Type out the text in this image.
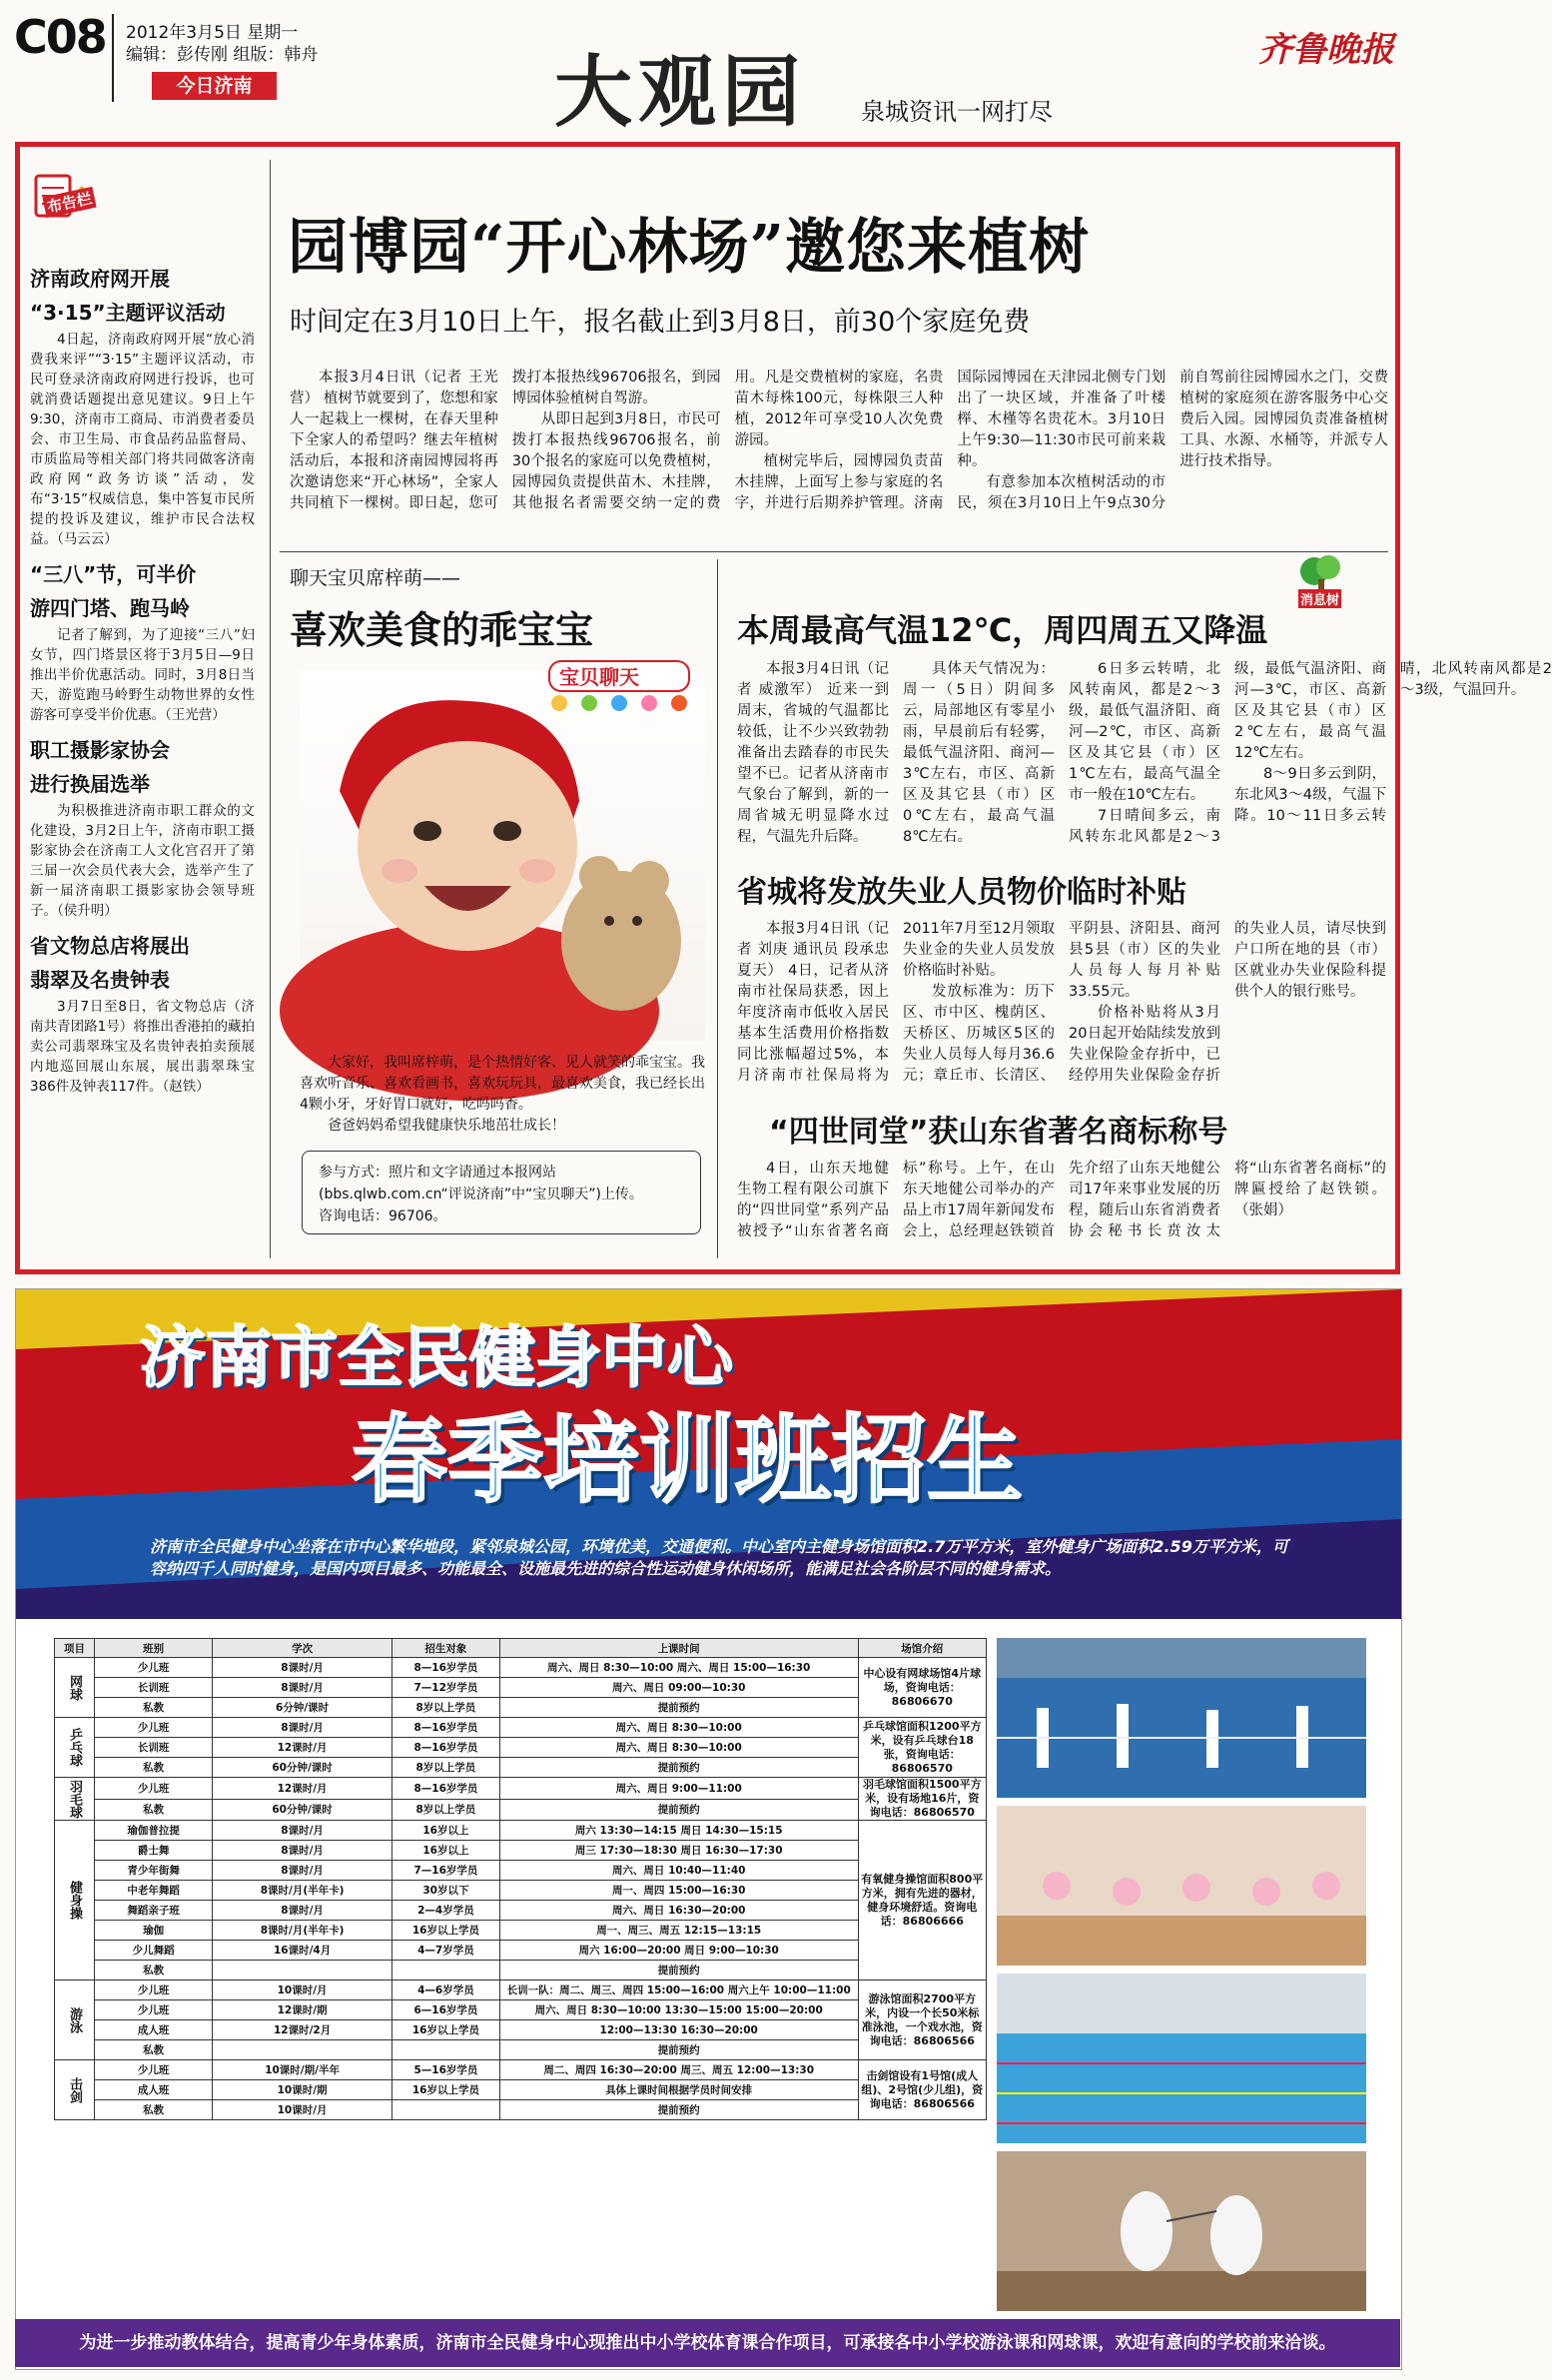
C08 2012年3月5日 星期一
编辑：彭传刚 组版：韩舟
今日济南	大观园 泉城资讯一网打尽
齐鲁晚报
布告栏
济南政府网开展
“3·15”主题评议活动

4日起，济南政府网开展“放心消费我来评”“3·15”主题评议活动，市民可登录济南政府网进行投诉，也可就消费话题提出意见建议。9日上午9:30，济南市工商局、市消费者委员会、市卫生局、市食品药品监督局、市质监局等相关部门将共同做客济南政府网“政务访谈”活动，发布“3·15”权威信息，集中答复市民所提的投诉及建议，维护市民合法权益。（马云云）

“三八”节，可半价
游四门塔、跑马岭

记者了解到，为了迎接“三八”妇女节，四门塔景区将于3月5日—9日推出半价优惠活动。同时，3月8日当天，游览跑马岭野生动物世界的女性游客可享受半价优惠。（王光营）

职工摄影家协会
进行换届选举

为积极推进济南市职工群众的文化建设，3月2日上午，济南市职工摄影家协会在济南工人文化宫召开了第三届一次会员代表大会，选举产生了新一届济南职工摄影家协会领导班子。（侯升明）

省文物总店将展出
翡翠及名贵钟表

3月7日至8日，省文物总店（济南共青团路1号）将推出香港拍的藏拍卖公司翡翠珠宝及名贵钟表拍卖预展内地巡回展山东展，展出翡翠珠宝386件及钟表117件。（赵铁）

园博园“开心林场”邀您来植树
时间定在3月10日上午，报名截止到3月8日，前30个家庭免费

本报3月4日讯（记者 王光营） 植树节就要到了，您想和家人一起栽上一棵树，在春天里种下全家人的希望吗？继去年植树活动后，本报和济南园博园将再次邀请您来“开心林场”，全家人共同植下一棵树。即日起，您可拨打本报热线96706报名，到园博园体验植树自驾游。

从即日起到3月8日，市民可拨打本报热线96706报名，前30个报名的家庭可以免费植树，园博园负责提供苗木、木挂牌，其他报名者需要交纳一定的费用。凡是交费植树的家庭，名贵苗木每株100元，每株限三人种植，2012年可享受10人次免费游园。

植树完毕后，园博园负责苗木挂牌，上面写上参与家庭的名字，并进行后期养护管理。济南国际园博园在天津园北侧专门划出了一块区域，并准备了叶楼榉、木槿等名贵花木。3月10日上午9:30—11:30市民可前来栽种。

有意参加本次植树活动的市民，须在3月10日上午9点30分前自驾前往园博园水之门，交费植树的家庭须在游客服务中心交费后入园。园博园负责准备植树工具、水源、水桶等，并派专人进行技术指导。

聊天宝贝席梓萌——
喜欢美食的乖宝宝
宝贝聊天

大家好，我叫席梓萌，是个热情好客、见人就笑的乖宝宝。我喜欢听音乐、喜欢看画书，喜欢玩玩具，最喜欢美食，我已经长出4颗小牙，牙好胃口就好，吃吗吗香。

爸爸妈妈希望我健康快乐地茁壮成长！

参与方式：照片和文字请通过本报网站
(bbs.qlwb.com.cn“评说济南”中“宝贝聊天”)上传。
咨询电话：96706。
消息树
本周最高气温12℃，周四周五又降温

本报3月4日讯（记者 威激军） 近来一到周末，省城的气温都比较低，让不少兴致勃勃准备出去踏春的市民失望不已。记者从济南市气象台了解到，新的一周省城无明显降水过程，气温先升后降。

具体天气情况为：周一（5日）阴间多云，局部地区有零星小雨，早晨前后有轻雾，最低气温济阳、商河—3℃左右，市区、高新区及其它县（市）区0℃左右，最高气温8℃左右。

6日多云转晴，北风转南风，都是2～3级，最低气温济阳、商河—2℃，市区、高新区及其它县（市）区1℃左右，最高气温全市一般在10℃左右。

7日晴间多云，南风转东北风都是2～3级，最低气温济阳、商河—3℃，市区、高新区及其它县（市）区2℃左右，最高气温12℃左右。

8～9日多云到阴，东北风3～4级，气温下降。10～11日多云转晴，北风转南风都是2～3级，气温回升。

省城将发放失业人员物价临时补贴

本报3月4日讯（记者 刘庚 通讯员 段承忠 夏天） 4日，记者从济南市社保局获悉，因上年度济南市低收入居民基本生活费用价格指数同比涨幅超过5%，本月济南市社保局将为2011年7月至12月领取失业金的失业人员发放价格临时补贴。

发放标准为：历下区、市中区、槐荫区、天桥区、历城区5区的失业人员每人每月36.6元；章丘市、长清区、平阴县、济阳县、商河县5县（市）区的失业人员每人每月补贴33.55元。

价格补贴将从3月20日起开始陆续发放到失业保险金存折中，已经停用失业保险金存折的失业人员，请尽快到户口所在地的县（市）区就业办失业保险科提供个人的银行账号。

“四世同堂”获山东省著名商标称号

4日，山东天地健生物工程有限公司旗下的“四世同堂”系列产品被授予“山东省著名商标”称号。上午，在山东天地健公司举办的产品上市17周年新闻发布会上，总经理赵铁锁首先介绍了山东天地健公司17年来事业发展的历程，随后山东省消费者协会秘书长贲汝太将“山东省著名商标”的牌匾授给了赵铁锁。（张娟）

济南市全民健身中心
春季培训班招生
济南市全民健身中心坐落在市中心繁华地段，紧邻泉城公园，环境优美，交通便利。中心室内主健身场馆面积2.7万平方米，室外健身广场面积2.59万平方米，可容纳四千人同时健身，是国内项目最多、功能最全、设施最先进的综合性运动健身休闲场所，能满足社会各阶层不同的健身需求。
项目	班别	学次	招生对象	上课时间	场馆介绍
网球	少儿班	8课时/月	8—16岁学员	周六、周日 8:30—10:00 周六、周日 15:00—16:30	中心设有网球场馆4片球场，资询电话：86806670
	长训班	8课时/月	7—12岁学员	周六、周日 09:00—10:30	
	私教	6分钟/课时	8岁以上学员	提前预约	
乒乓球	少儿班	8课时/月	8—16岁学员	周六、周日 8:30—10:00	乒乓球馆面积1200平方米，设有乒乓球台18张，资询电话：86806570
	长训班	12课时/月	8—16岁学员	周六、周日 8:30—10:00	
	私教	60分钟/课时	8岁以上学员	提前预约	
羽毛球	少儿班	12课时/月	8—16岁学员	周六、周日 9:00—11:00	羽毛球馆面积1500平方米，设有场地16片，资询电话：86806570
	私教	60分钟/课时	8岁以上学员	提前预约	
健身操	瑜伽普拉提	8课时/月	16岁以上	周六 13:30—14:15 周日 14:30—15:15	有氧健身操馆面积800平方米，拥有先进的器材，健身环境舒适。资询电话：86806666
	爵士舞	8课时/月	16岁以上	周三 17:30—18:30 周日 16:30—17:30	
	青少年街舞	8课时/月	7—16岁学员	周六、周日 10:40—11:40	
	中老年舞蹈	8课时/月(半年卡)	30岁以下	周一、周四 15:00—16:30	
	舞蹈亲子班	8课时/月	2—4岁学员	周六、周日 16:30—20:00	
	瑜伽	8课时/月(半年卡)	16岁以上学员	周一、周三、周五 12:15—13:15	
	少儿舞蹈	16课时/4月	4—7岁学员	周六 16:00—20:00 周日 9:00—10:30	
	私教			提前预约	
游泳	少儿班	10课时/月	4—6岁学员	长训一队：周二、周三、周四 15:00—16:00 周六上午 10:00—11:00	游泳馆面积2700平方米，内设一个长50米标准泳池，一个戏水池，资询电话：86806566
	少儿班	12课时/期	6—16岁学员	周六、周日 8:30—10:00 13:30—15:00 15:00—20:00	
	成人班	12课时/2月	16岁以上学员	12:00—13:30 16:30—20:00	
	私教			提前预约	
击剑	少儿班	10课时/期/半年	5—16岁学员	周二、周四 16:30—20:00 周三、周五 12:00—13:30	击剑馆设有1号馆(成人组)、2号馆(少儿组)，资询电话：86806566
	成人班	10课时/期	16岁以上学员	具体上课时间根据学员时间安排	
	私教	10课时/月		提前预约	
为进一步推动教体结合，提高青少年身体素质，济南市全民健身中心现推出中小学校体育课合作项目，可承接各中小学校游泳课和网球课，欢迎有意向的学校前来洽谈。
